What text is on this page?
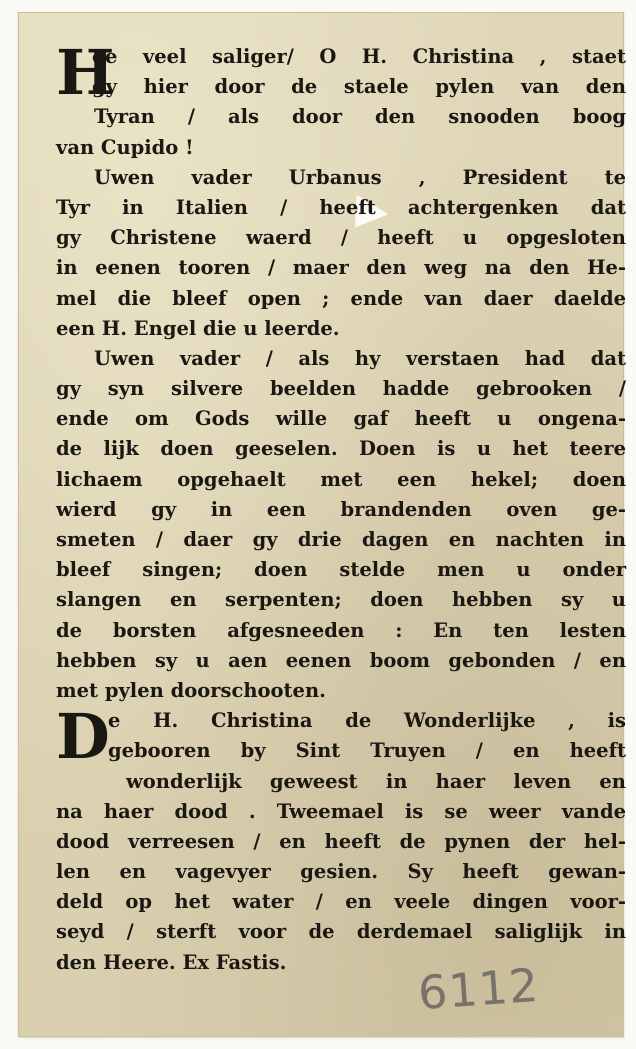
H
oe veel saliger/ O H. Christina , staet
gy hier door de staele pylen van den
Tyran / als door den snooden boog
van Cupido !
Uwen vader Urbanus , President te
Tyr in Italien / heeft achtergenken dat
gy Christene waerd / heeft u opgesloten
in eenen tooren / maer den weg na den He-
mel die bleef open ; ende van daer daelde
een H. Engel die u leerde.
Uwen vader / als hy verstaen had dat
gy syn silvere beelden hadde gebrooken /
ende om Gods wille gaf heeft u ongena-
de lijk doen geeselen. Doen is u het teere
lichaem opgehaelt met een hekel; doen
wierd gy in een brandenden oven ge-
smeten / daer gy drie dagen en nachten in
bleef singen; doen stelde men u onder
slangen en serpenten; doen hebben sy u
de borsten afgesneeden : En ten lesten
hebben sy u aen eenen boom gebonden / en
met pylen doorschooten.
D
e H. Christina de Wonderlijke , is
gebooren by Sint Truyen / en heeft
wonderlijk geweest in haer leven en
na haer dood . Tweemael is se weer vande
dood verreesen / en heeft de pynen der hel-
len en vagevyer gesien. Sy heeft gewan-
deld op het water / en veele dingen voor-
seyd / sterft voor de derdemael saliglijk in
den Heere. Ex Fastis.	6112
